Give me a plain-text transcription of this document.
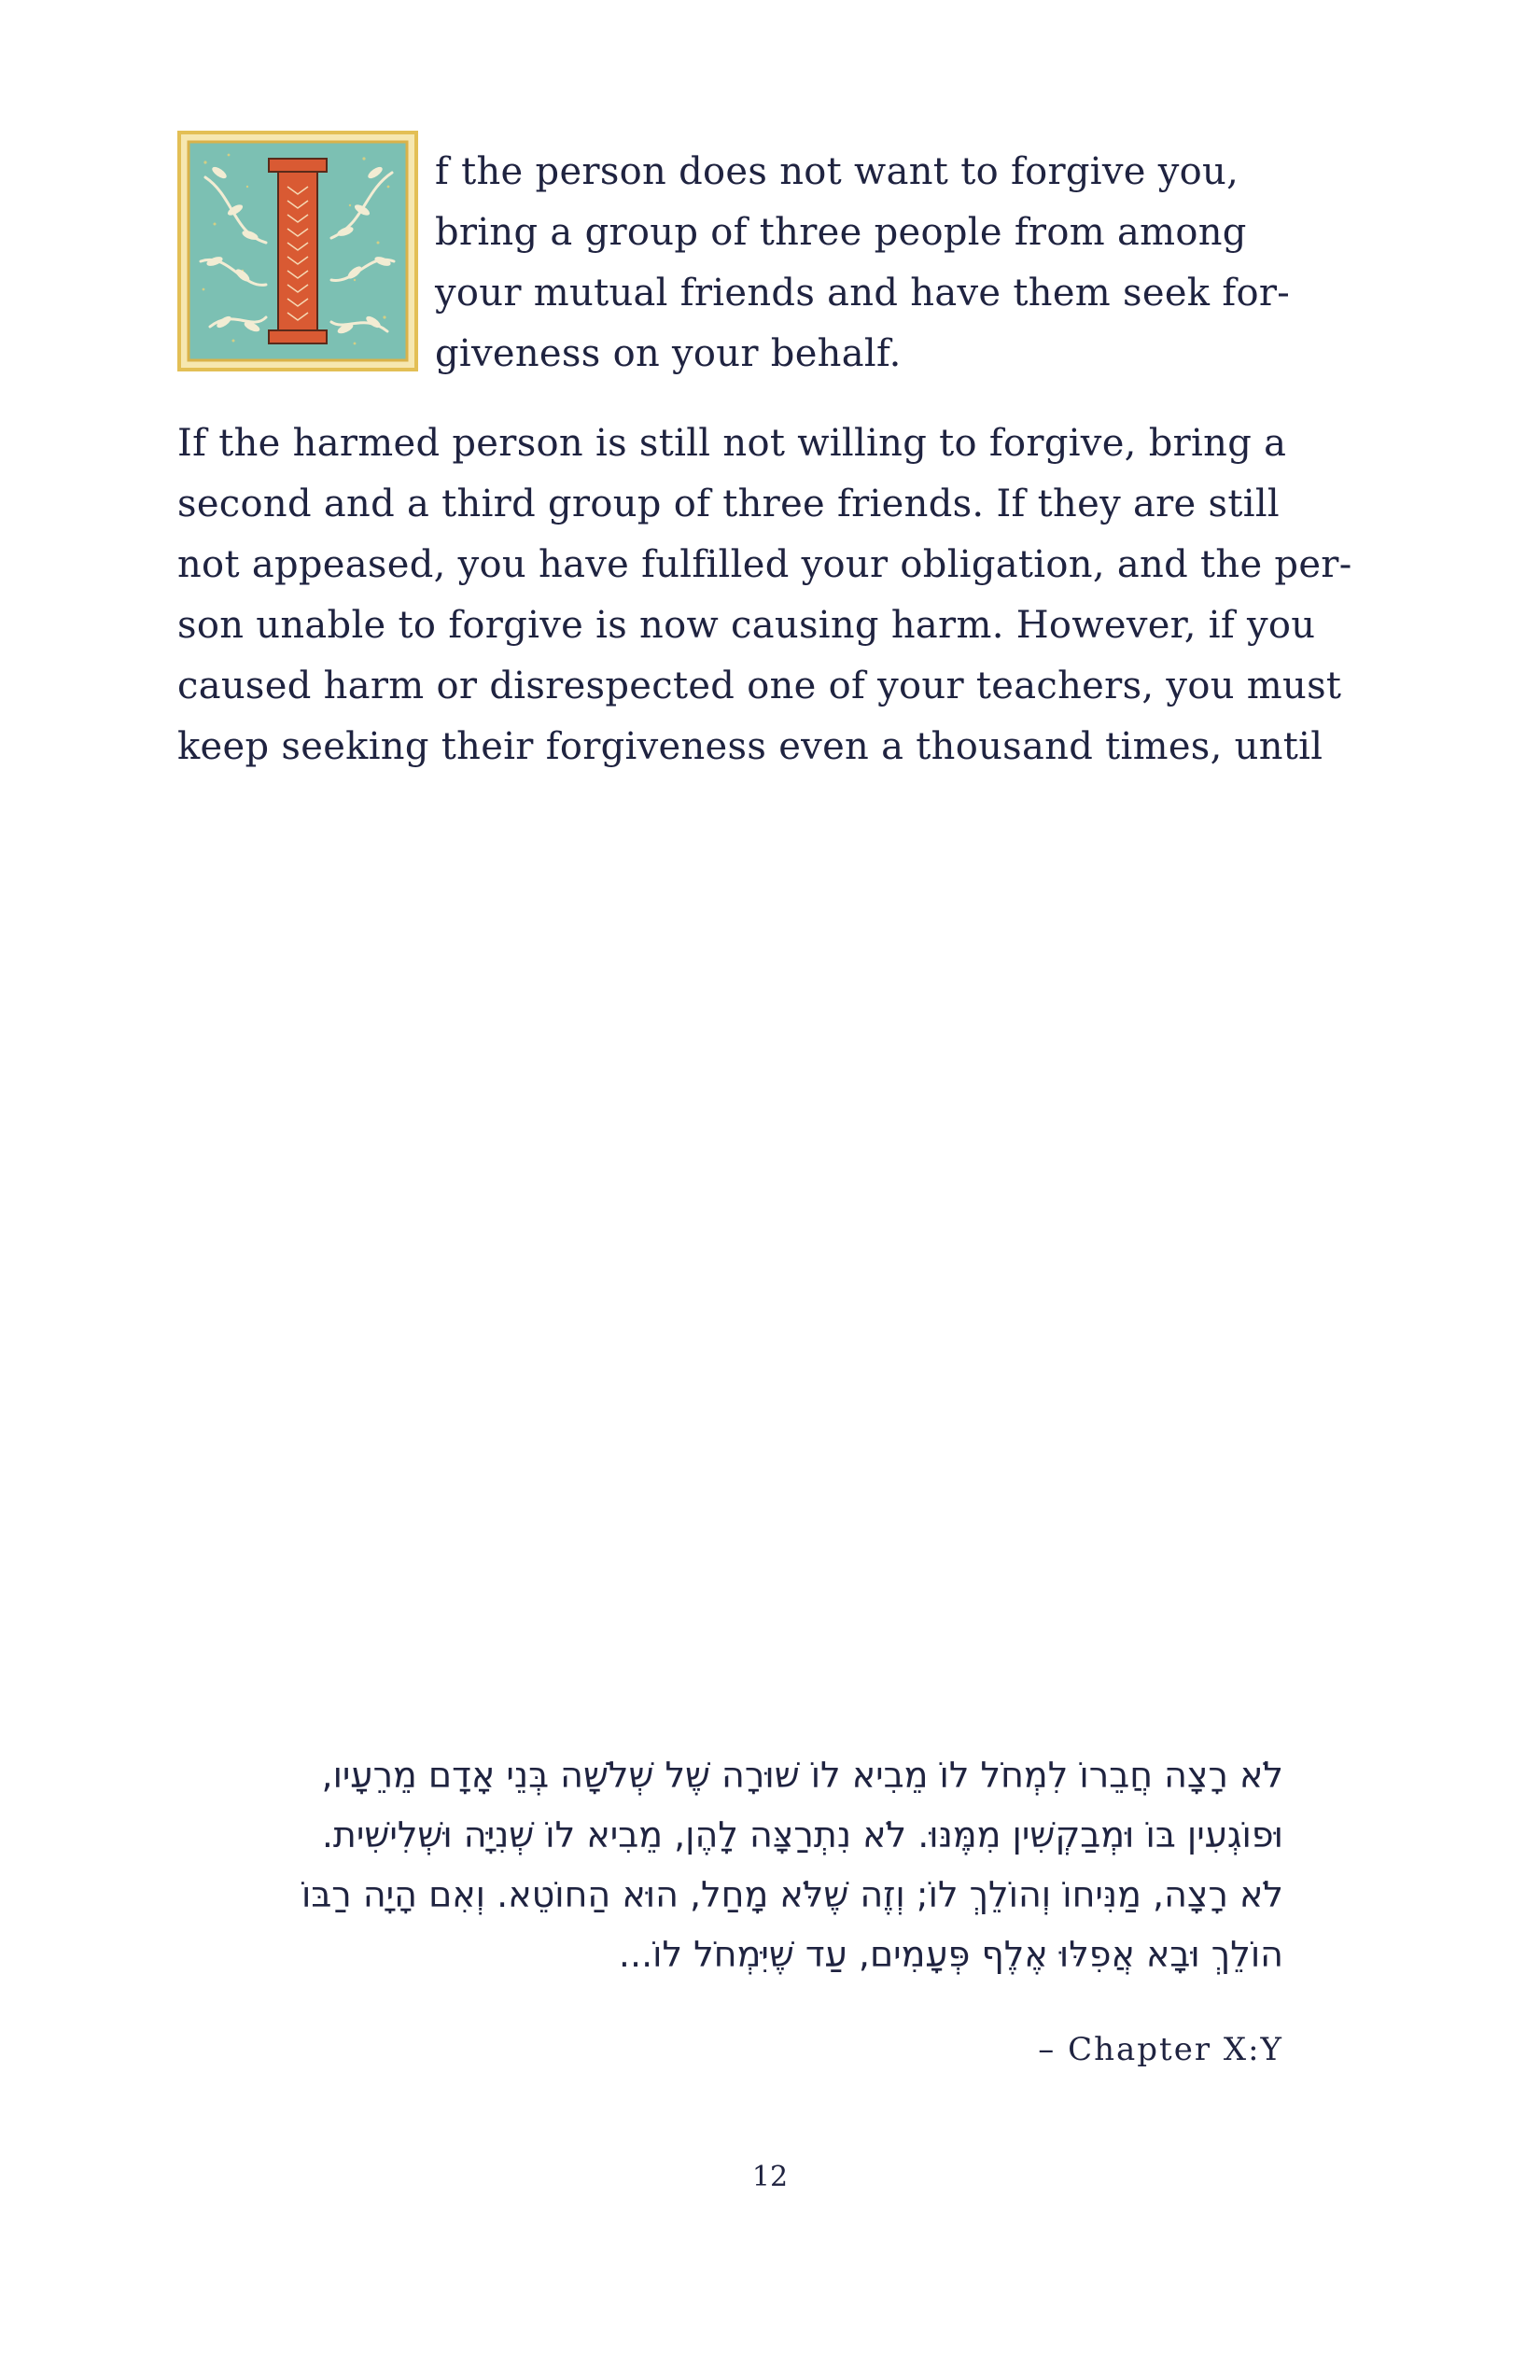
f the person does not want to forgive you,
bring a group of three people from among
your mutual friends and have them seek for-
giveness on your behalf.

If the harmed person is still not willing to forgive, bring a
second and a third group of three friends. If they are still
not appeased, you have fulfilled your obligation, and the per-
son unable to forgive is now causing harm. However, if you
caused harm or disrespected one of your teachers, you must
keep seeking their forgiveness even a thousand times, until

לֹא רָצָה חֲבֵרוֹ לִמְחֹל לוֹ מֵבִיא לוֹ שׁוּרָה שֶׁל שְׁלֹשָׁה בְּנֵי אָדָם מֵרֵעָיו,
וּפוֹגְעִין בּוֹ וּמְבַקְשִׁין מִמֶּנּוּ. לֹא נִתְרַצָּה לָהֶן, מֵבִיא לוֹ שְׁנִיָּה וּשְׁלִישִׁית.
לֹא רָצָה, מַנִּיחוֹ וְהוֹלֵךְ לוֹ; וְזֶה שֶׁלֹּא מָחַל, הוּא הַחוֹטֵא. וְאִם הָיָה רַבּוֹ
הוֹלֵךְ וּבָא אֲפִלּוּ אֶלֶף פְּעָמִים, עַד שֶׁיִּמְחֹל לוֹ...

– Chapter X:Y

12
